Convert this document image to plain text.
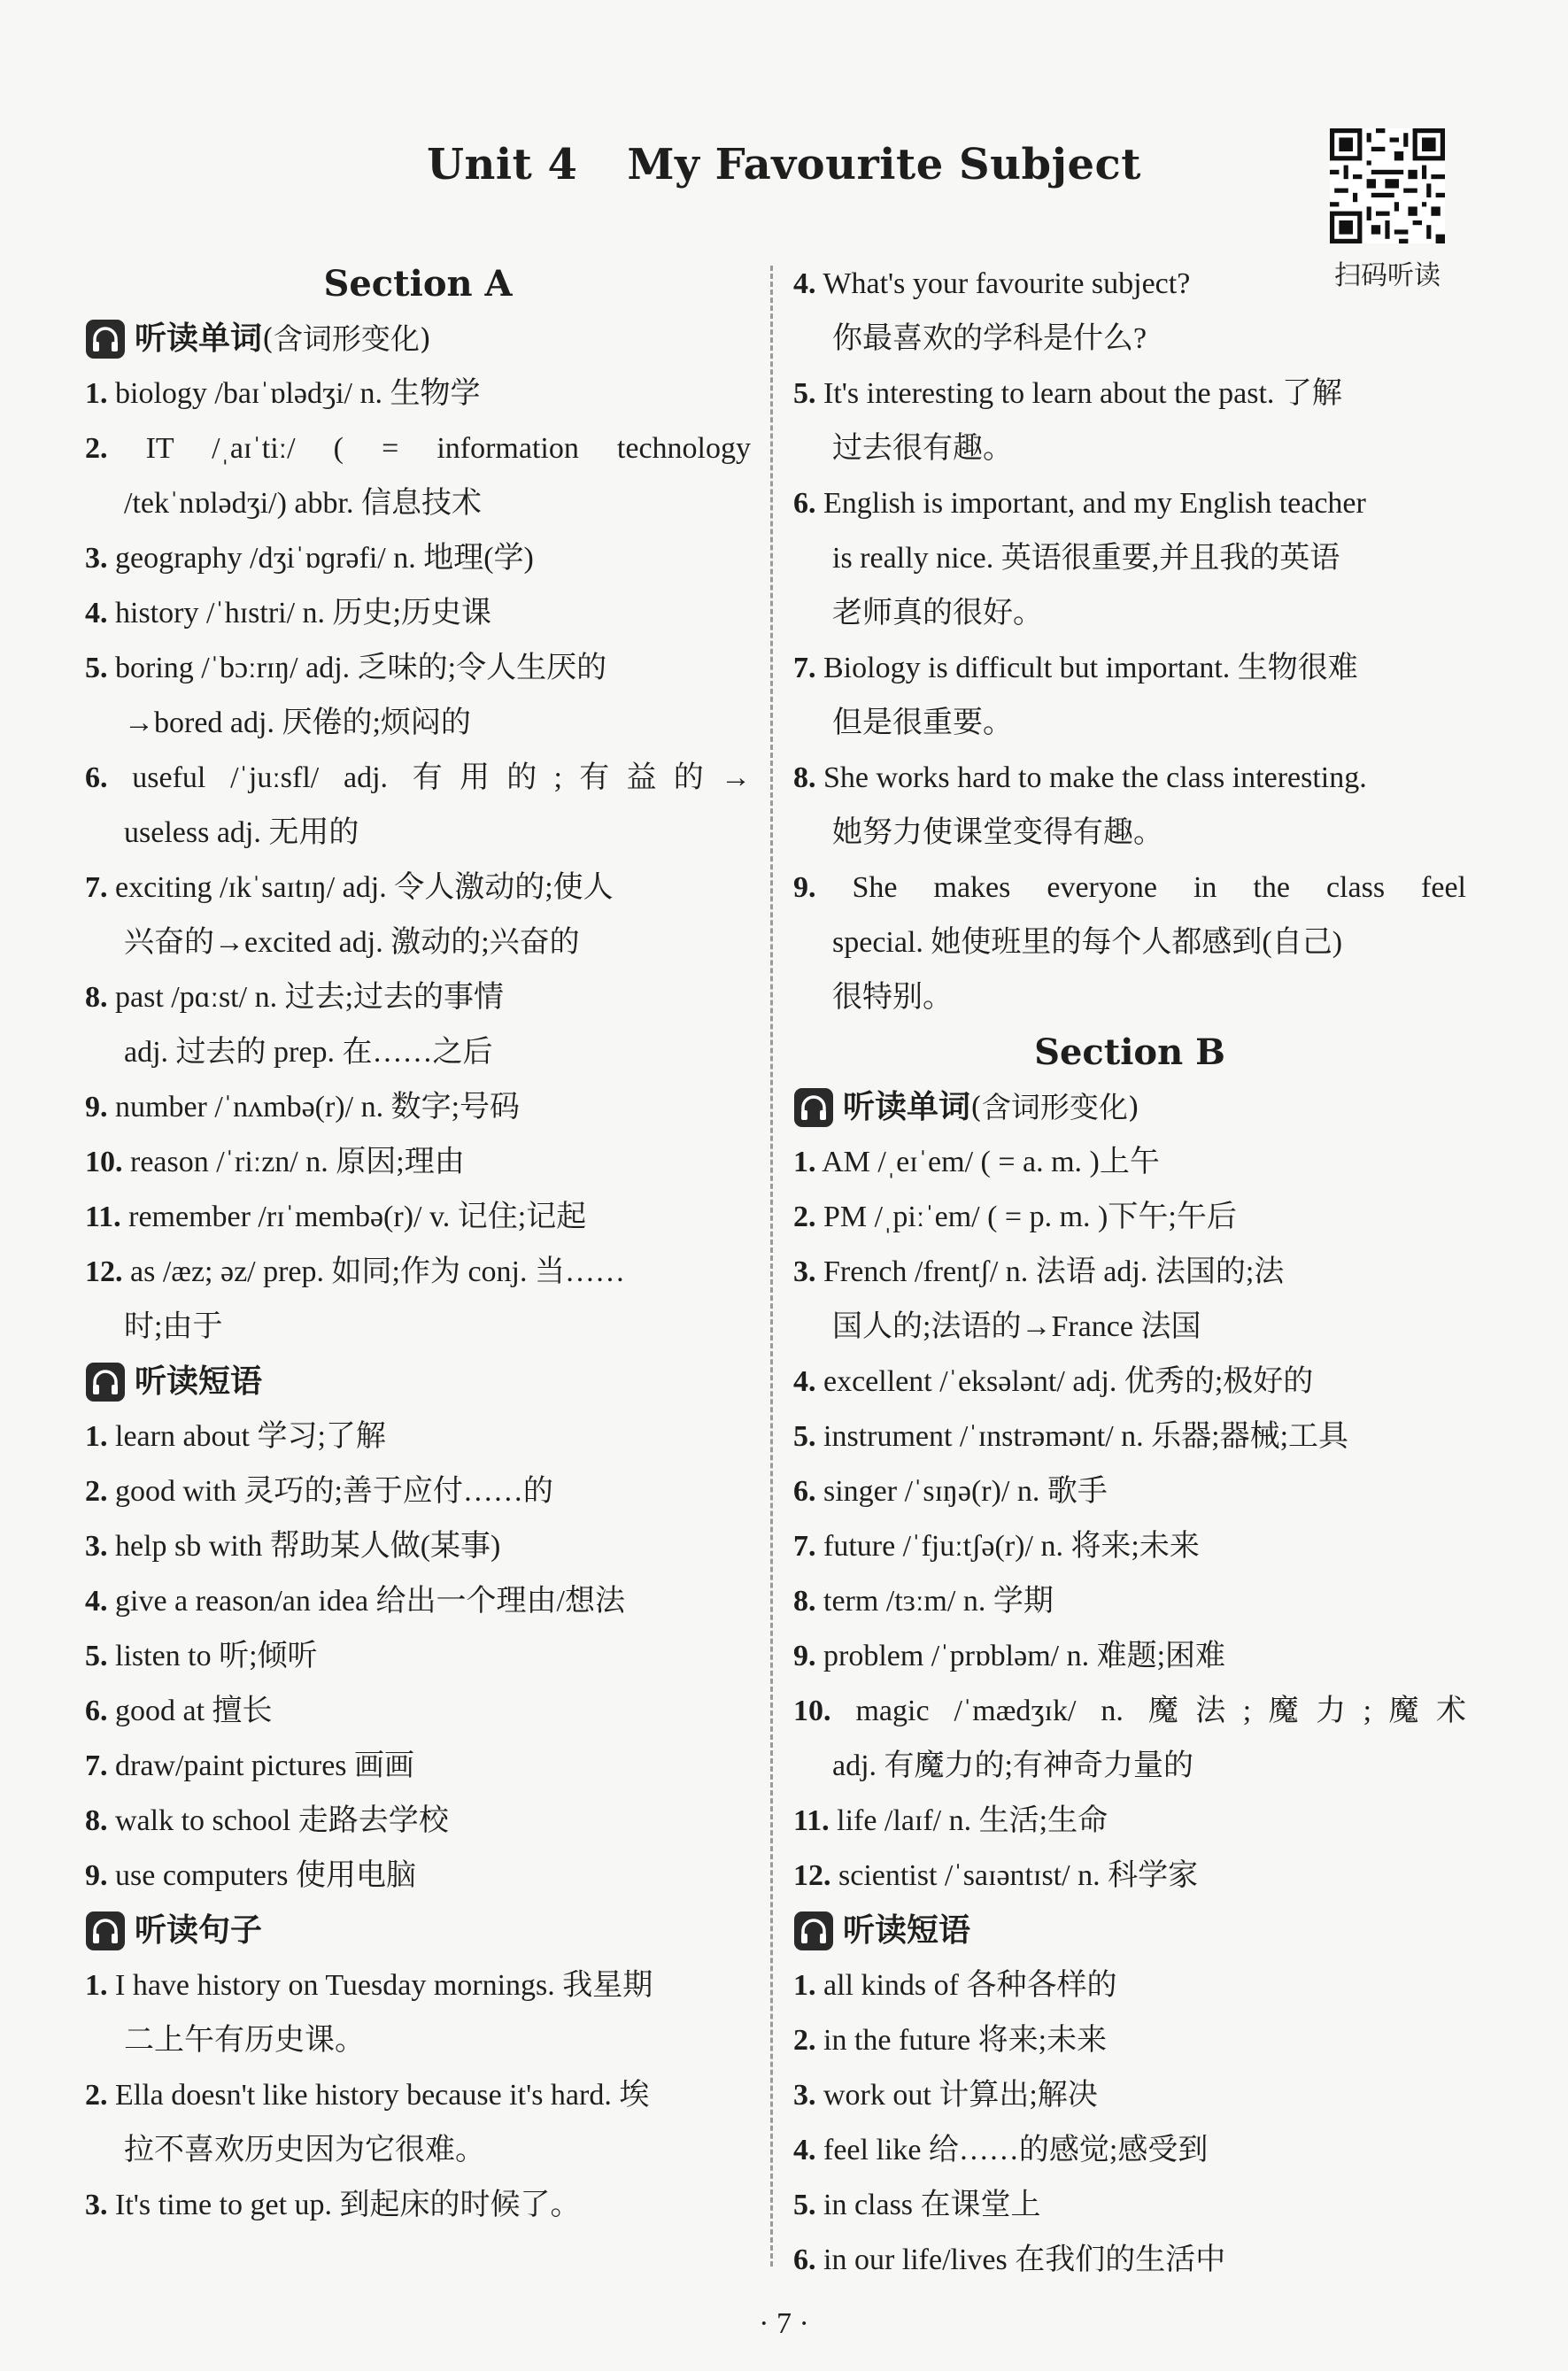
Unit 4 My Favourite Subject
扫码听读
Section A
听读单词 (含词形变化)
1. biology /baɪˈɒlədʒi/ n. 生物学
2. IT /ˌaɪˈtiː/ ( = information technology
/tekˈnɒlədʒi/) abbr. 信息技术
3. geography /dʒiˈɒɡrəfi/ n. 地理(学)
4. history /ˈhɪstri/ n. 历史;历史课
5. boring /ˈbɔːrɪŋ/ adj. 乏味的;令人生厌的
→bored adj. 厌倦的;烦闷的
6. useful /ˈjuːsfl/ adj. 有用的;有益的→
useless adj. 无用的
7. exciting /ɪkˈsaɪtɪŋ/ adj. 令人激动的;使人
兴奋的→excited adj. 激动的;兴奋的
8. past /pɑːst/ n. 过去;过去的事情
adj. 过去的 prep. 在……之后
9. number /ˈnʌmbə(r)/ n. 数字;号码
10. reason /ˈriːzn/ n. 原因;理由
11. remember /rɪˈmembə(r)/ v. 记住;记起
12. as /æz; əz/ prep. 如同;作为 conj. 当……
时;由于
听读短语
1. learn about 学习;了解
2. good with 灵巧的;善于应付……的
3. help sb with 帮助某人做(某事)
4. give a reason/an idea 给出一个理由/想法
5. listen to 听;倾听
6. good at 擅长
7. draw/paint pictures 画画
8. walk to school 走路去学校
9. use computers 使用电脑
听读句子
1. I have history on Tuesday mornings. 我星期
二上午有历史课。
2. Ella doesn't like history because it's hard. 埃
拉不喜欢历史因为它很难。
3. It's time to get up. 到起床的时候了。
4. What's your favourite subject?
你最喜欢的学科是什么?
5. It's interesting to learn about the past. 了解
过去很有趣。
6. English is important, and my English teacher
is really nice. 英语很重要,并且我的英语
老师真的很好。
7. Biology is difficult but important. 生物很难
但是很重要。
8. She works hard to make the class interesting.
她努力使课堂变得有趣。
9. She makes everyone in the class feel
special. 她使班里的每个人都感到(自己)
很特别。
Section B
听读单词 (含词形变化)
1. AM /ˌeɪˈem/ ( = a. m. )上午
2. PM /ˌpiːˈem/ ( = p. m. )下午;午后
3. French /frentʃ/ n. 法语 adj. 法国的;法
国人的;法语的→France 法国
4. excellent /ˈeksələnt/ adj. 优秀的;极好的
5. instrument /ˈɪnstrəmənt/ n. 乐器;器械;工具
6. singer /ˈsɪŋə(r)/ n. 歌手
7. future /ˈfjuːtʃə(r)/ n. 将来;未来
8. term /tɜːm/ n. 学期
9. problem /ˈprɒbləm/ n. 难题;困难
10. magic /ˈmædʒɪk/ n. 魔法;魔力;魔术
adj. 有魔力的;有神奇力量的
11. life /laɪf/ n. 生活;生命
12. scientist /ˈsaɪəntɪst/ n. 科学家
听读短语
1. all kinds of 各种各样的
2. in the future 将来;未来
3. work out 计算出;解决
4. feel like 给……的感觉;感受到
5. in class 在课堂上
6. in our life/lives 在我们的生活中
· 7 ·
